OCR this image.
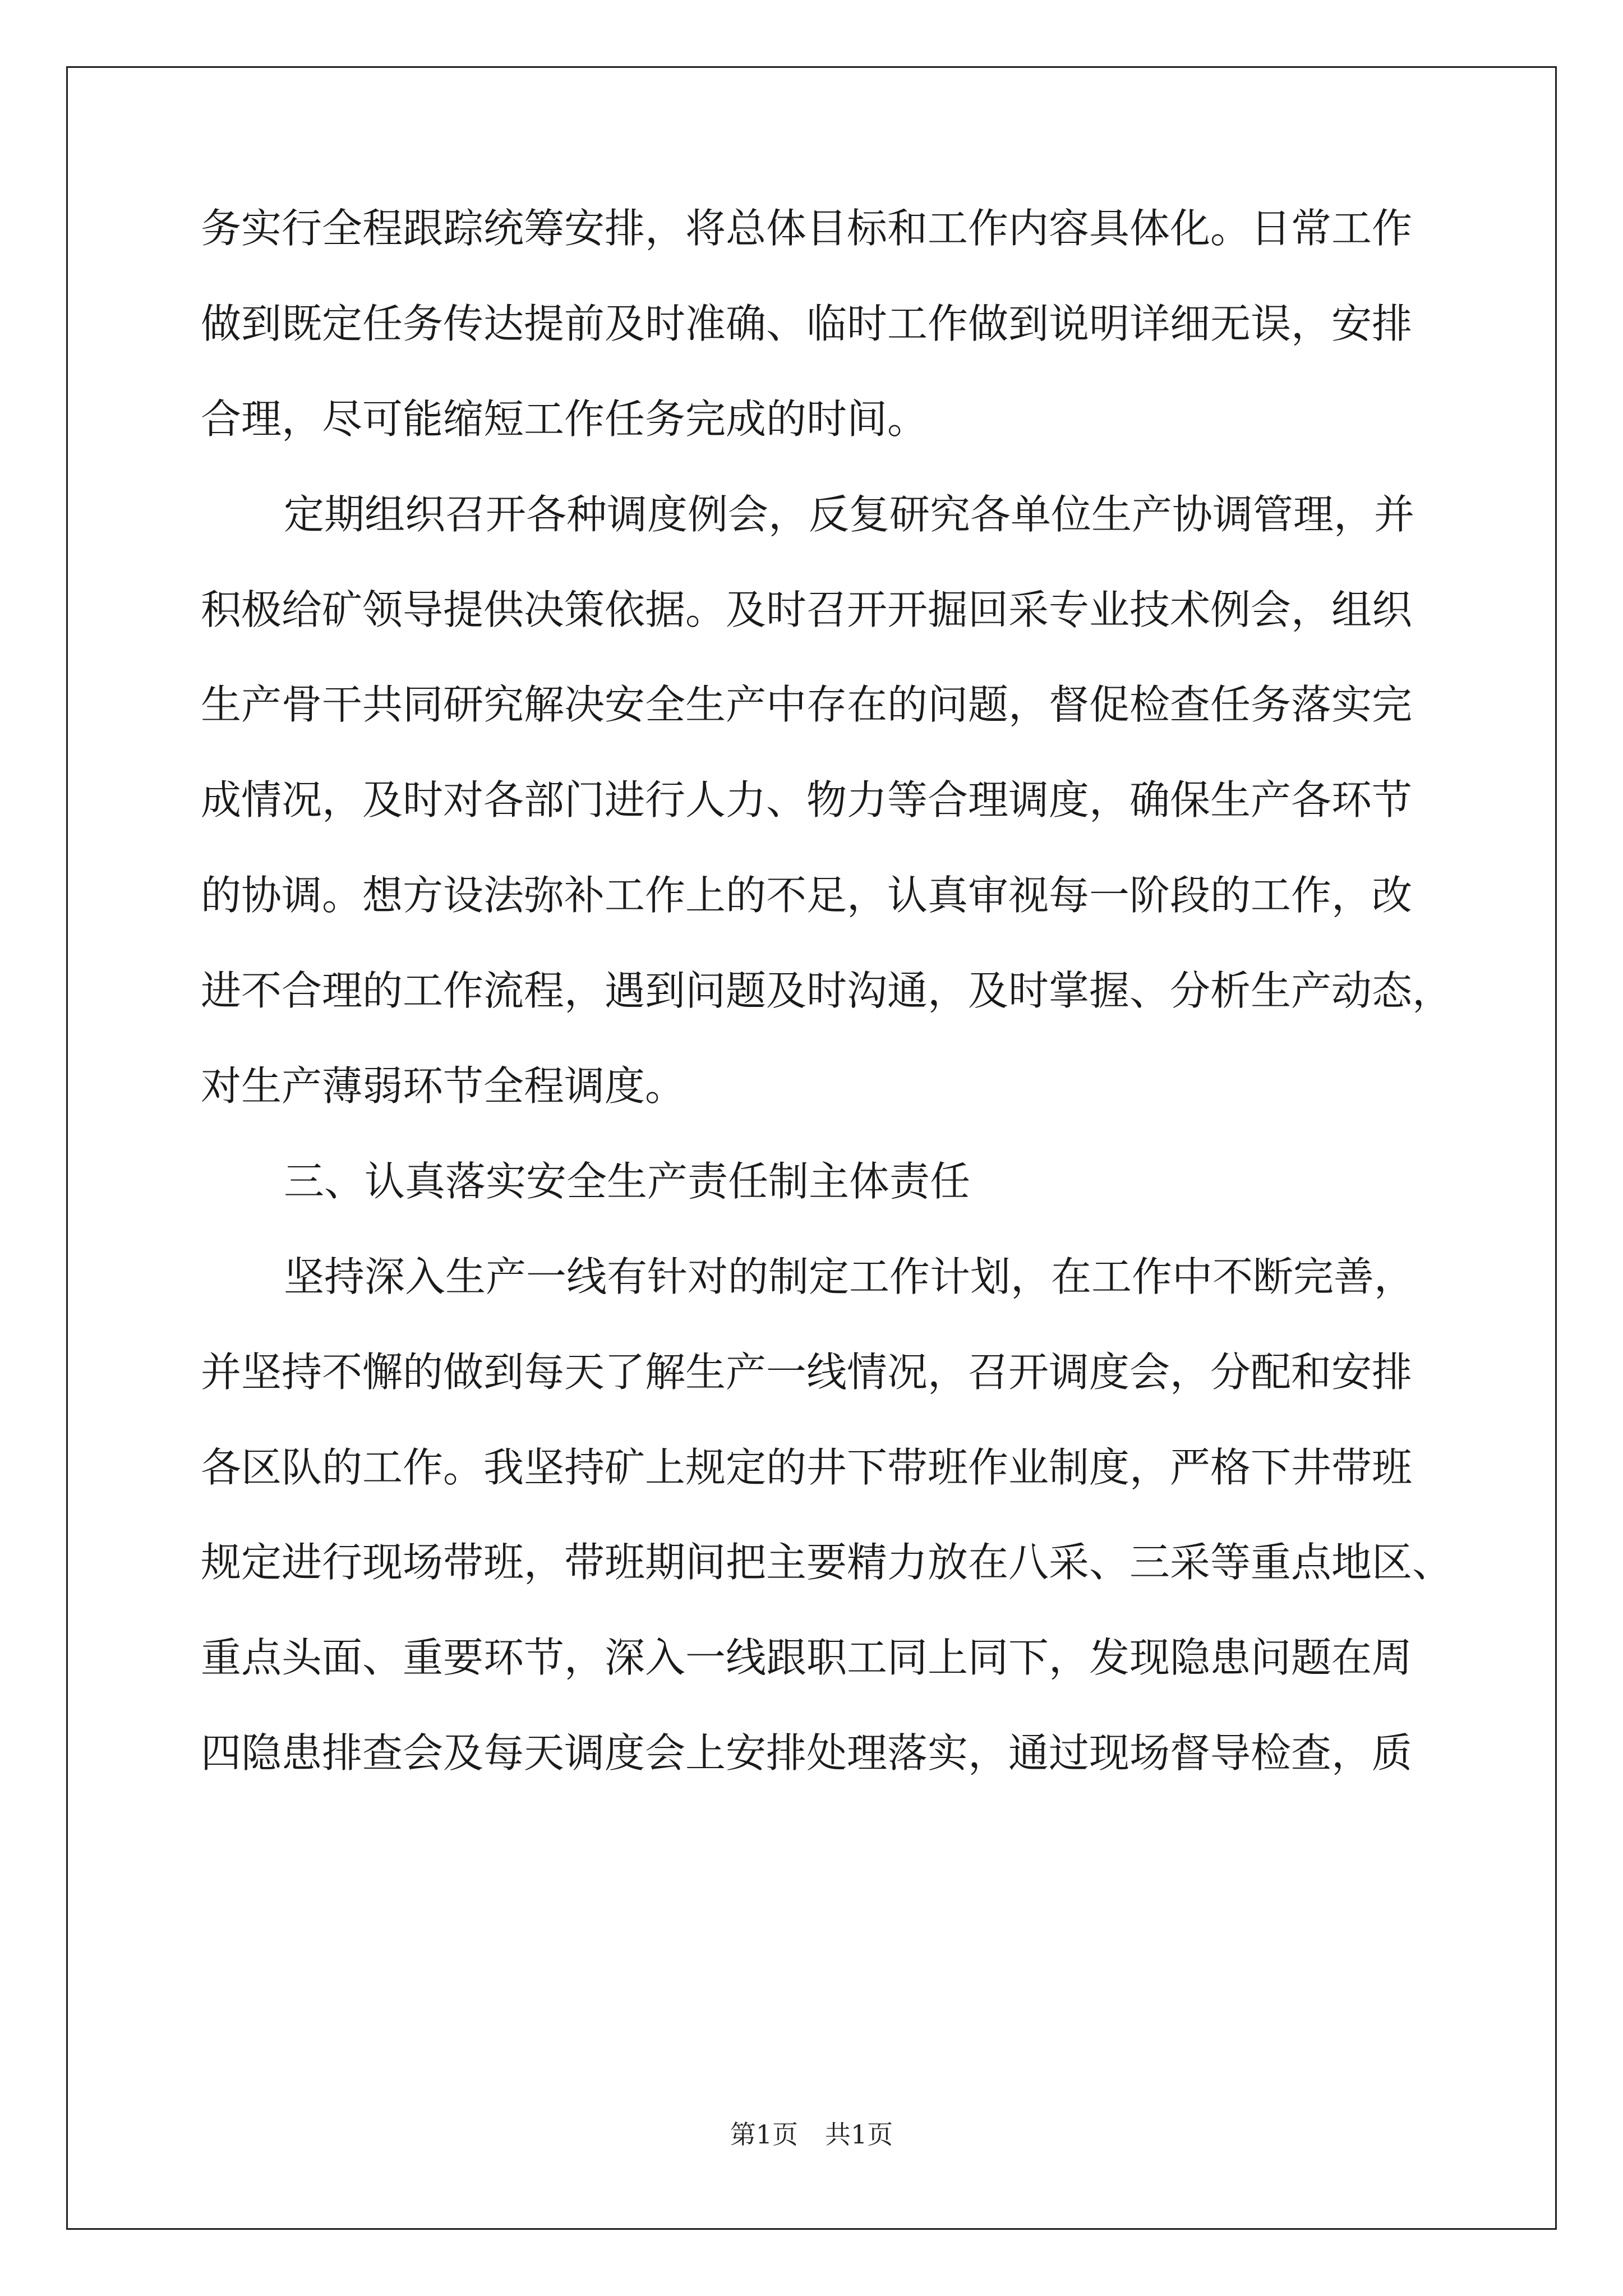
务实行全程跟踪统筹安排，将总体目标和工作内容具体化。日常工作
做到既定任务传达提前及时准确、临时工作做到说明详细无误，安排
合理，尽可能缩短工作任务完成的时间。
定期组织召开各种调度例会，反复研究各单位生产协调管理，并
积极给矿领导提供决策依据。及时召开开掘回采专业技术例会，组织
生产骨干共同研究解决安全生产中存在的问题，督促检查任务落实完
成情况，及时对各部门进行人力、物力等合理调度，确保生产各环节
的协调。想方设法弥补工作上的不足，认真审视每一阶段的工作，改
进不合理的工作流程，遇到问题及时沟通，及时掌握、分析生产动态，
对生产薄弱环节全程调度。
三、认真落实安全生产责任制主体责任
坚持深入生产一线有针对的制定工作计划，在工作中不断完善，
并坚持不懈的做到每天了解生产一线情况，召开调度会，分配和安排
各区队的工作。我坚持矿上规定的井下带班作业制度，严格下井带班
规定进行现场带班，带班期间把主要精力放在八采、三采等重点地区、
重点头面、重要环节，深入一线跟职工同上同下，发现隐患问题在周
四隐患排查会及每天调度会上安排处理落实，通过现场督导检查，质
第1页 共1页
